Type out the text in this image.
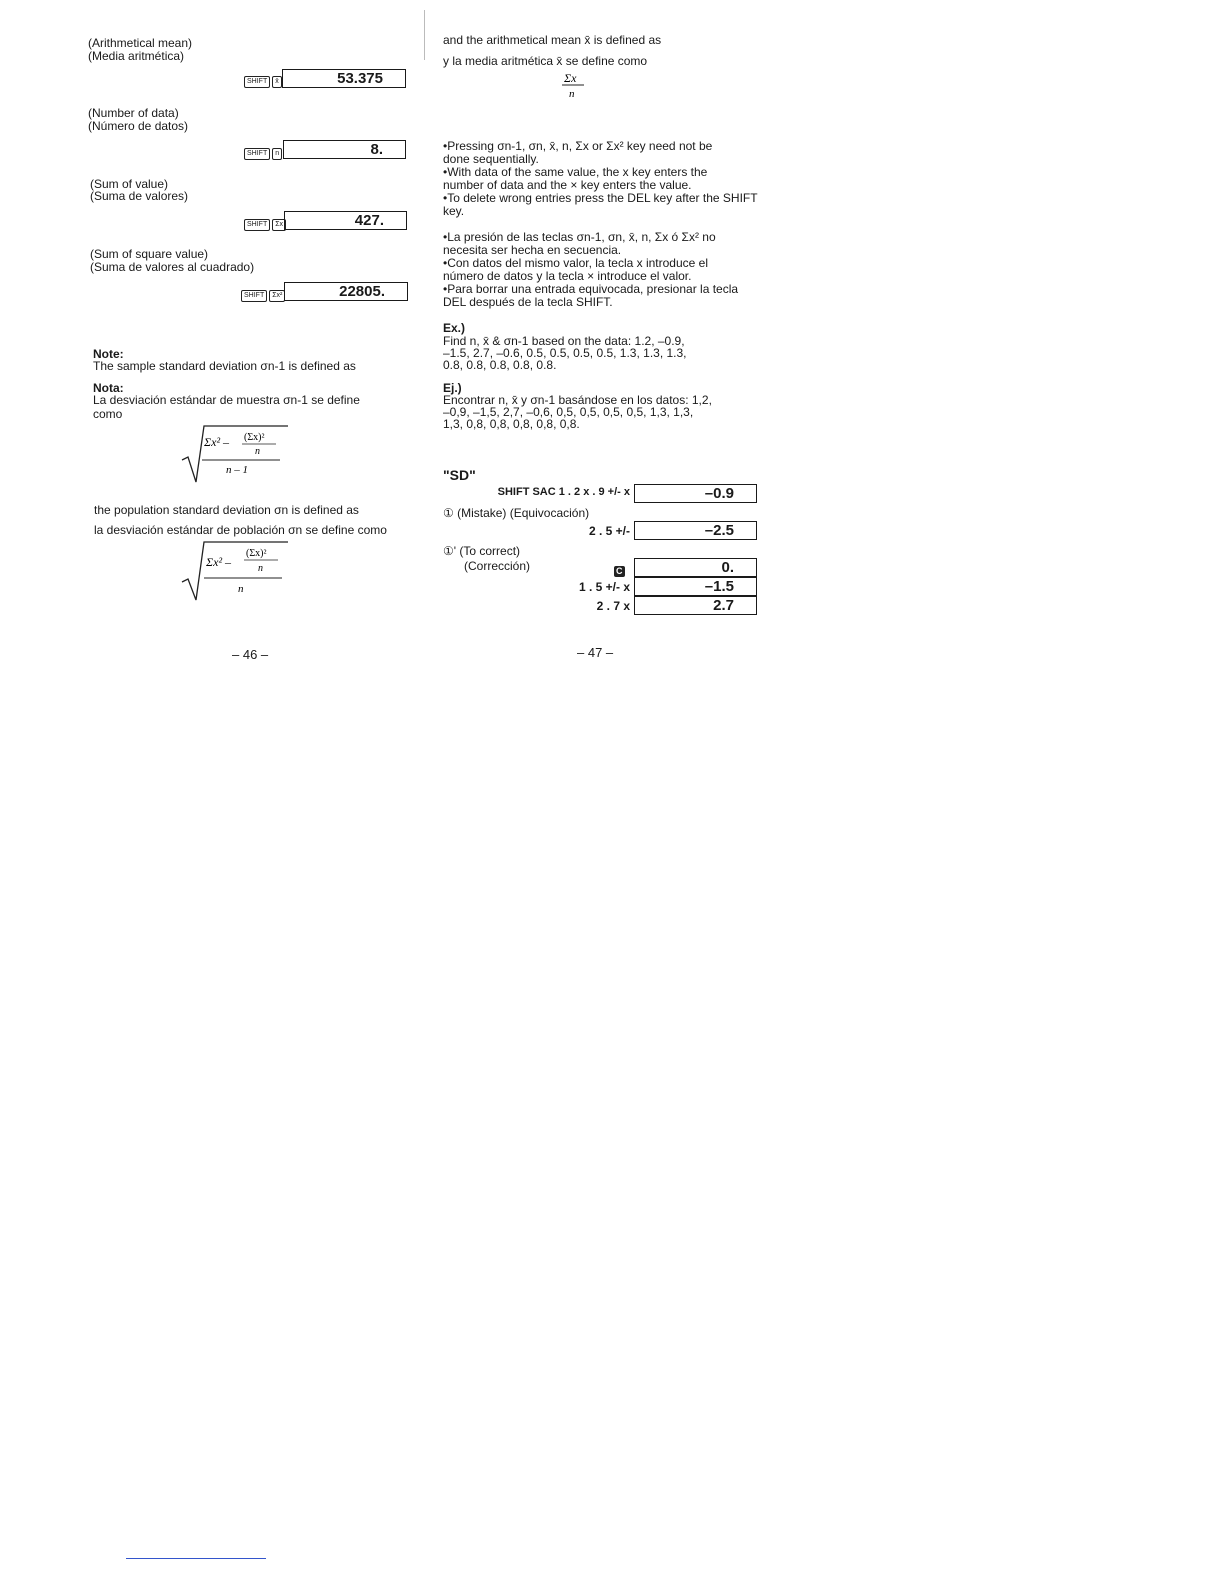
(Arithmetical mean)
(Media aritmética)
SHIFT x̄	53.375
(Number of data)
(Número de datos)
SHIFT n	8.
(Sum of value)
(Suma de valores)
SHIFT Σx	427.
(Sum of square value)
(Suma de valores al cuadrado)
SHIFT Σx²	22805.
Note:
The sample standard deviation σn-1 is defined as
Nota:
La desviación estándar de muestra σn-1 se define
como
Σx² – (Σx)²
n
n – 1
the population standard deviation σn is defined as
la desviación estándar de población σn se define como
Σx² –
(Σx)²
n
n
– 46 –
and the arithmetical mean x̄ is defined as
y la media aritmética x̄ se define como
Σx
n
•Pressing σn-1, σn, x̄, n, Σx or Σx² key need not be
done sequentially.
•With data of the same value, the x key enters the
number of data and the × key enters the value.
•To delete wrong entries press the DEL key after the SHIFT
key.
•La presión de las teclas σn-1, σn, x̄, n, Σx ó Σx² no
necesita ser hecha en secuencia.
•Con datos del mismo valor, la tecla x introduce el
número de datos y la tecla × introduce el valor.
•Para borrar una entrada equivocada, presionar la tecla
DEL después de la tecla SHIFT.
Ex.)
Find n, x̄ & σn-1 based on the data: 1.2, –0.9,
–1.5, 2.7, –0.6, 0.5, 0.5, 0.5, 0.5, 1.3, 1.3, 1.3,
0.8, 0.8, 0.8, 0.8, 0.8.
Ej.)
Encontrar n, x̄ y σn-1 basándose en los datos: 1,2,
–0,9, –1,5, 2,7, –0,6, 0,5, 0,5, 0,5, 0,5, 1,3, 1,3,
1,3, 0,8, 0,8, 0,8, 0,8, 0,8.
"SD"
SHIFT SAC 1 . 2 x . 9 +/- x	–0.9
① (Mistake) (Equivocación)
2 . 5 +/-	–2.5
①' (To correct)
(Corrección)	C	0.
1 . 5 +/- x	–1.5
2 . 7 x	2.7
– 47 –
